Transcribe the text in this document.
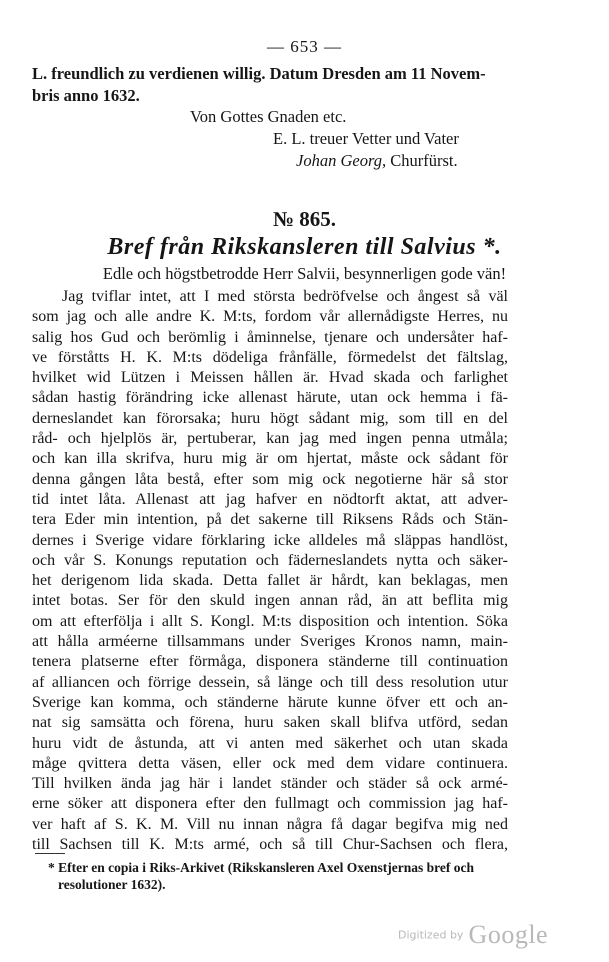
— 653 —
L. freundlich zu verdienen willig. Datum Dresden am 11 Novem-
bris anno 1632.
Von Gottes Gnaden etc.
E. L. treuer Vetter und Vater
Johan Georg, Churfürst.
№ 865.
Bref från Rikskansleren till Salvius *.
Edle och högstbetrodde Herr Salvii, besynnerligen gode vän!
Jag tviflar intet, att I med största bedröfvelse och ångest så väl
som jag och alle andre K. M:ts, fordom vår allernådigste Herres, nu
salig hos Gud och berömlig i åminnelse, tjenare och undersåter haf-
ve förståtts H. K. M:ts dödeliga frånfälle, förmedelst det fältslag,
hvilket wid Lützen i Meissen hållen är. Hvad skada och farlighet
sådan hastig förändring icke allenast härute, utan ock hemma i fä-
derneslandet kan förorsaka; huru högt sådant mig, som till en del
råd- och hjelplös är, pertuberar, kan jag med ingen penna utmåla;
och kan illa skrifva, huru mig är om hjertat, måste ock sådant för
denna gången låta bestå, efter som mig ock negotierne här så stor
tid intet låta. Allenast att jag hafver en nödtorft aktat, att adver-
tera Eder min intention, på det sakerne till Riksens Råds och Stän-
dernes i Sverige vidare förklaring icke alldeles må släppas handlöst,
och vår S. Konungs reputation och fäderneslandets nytta och säker-
het derigenom lida skada. Detta fallet är hårdt, kan beklagas, men
intet botas. Ser för den skuld ingen annan råd, än att beflita mig
om att efterfölja i allt S. Kongl. M:ts disposition och intention. Söka
att hålla arméerne tillsammans under Sveriges Kronos namn, main-
tenera platserne efter förmåga, disponera ständerne till continuation
af alliancen och förrige dessein, så länge och till dess resolution utur
Sverige kan komma, och ständerne härute kunne öfver ett och an-
nat sig samsätta och förena, huru saken skall blifva utförd, sedan
huru vidt de åstunda, att vi anten med säkerhet och utan skada
måge qvittera detta väsen, eller ock med dem vidare continuera.
Till hvilken ända jag här i landet ständer och städer så ock armé-
erne söker att disponera efter den fullmagt och commission jag haf-
ver haft af S. K. M. Vill nu innan några få dagar begifva mig ned
till Sachsen till K. M:ts armé, och så till Chur-Sachsen och flera,
* Efter en copia i Riks-Arkivet (Rikskansleren Axel Oxenstjernas bref och
resolutioner 1632).
Digitized by Google
